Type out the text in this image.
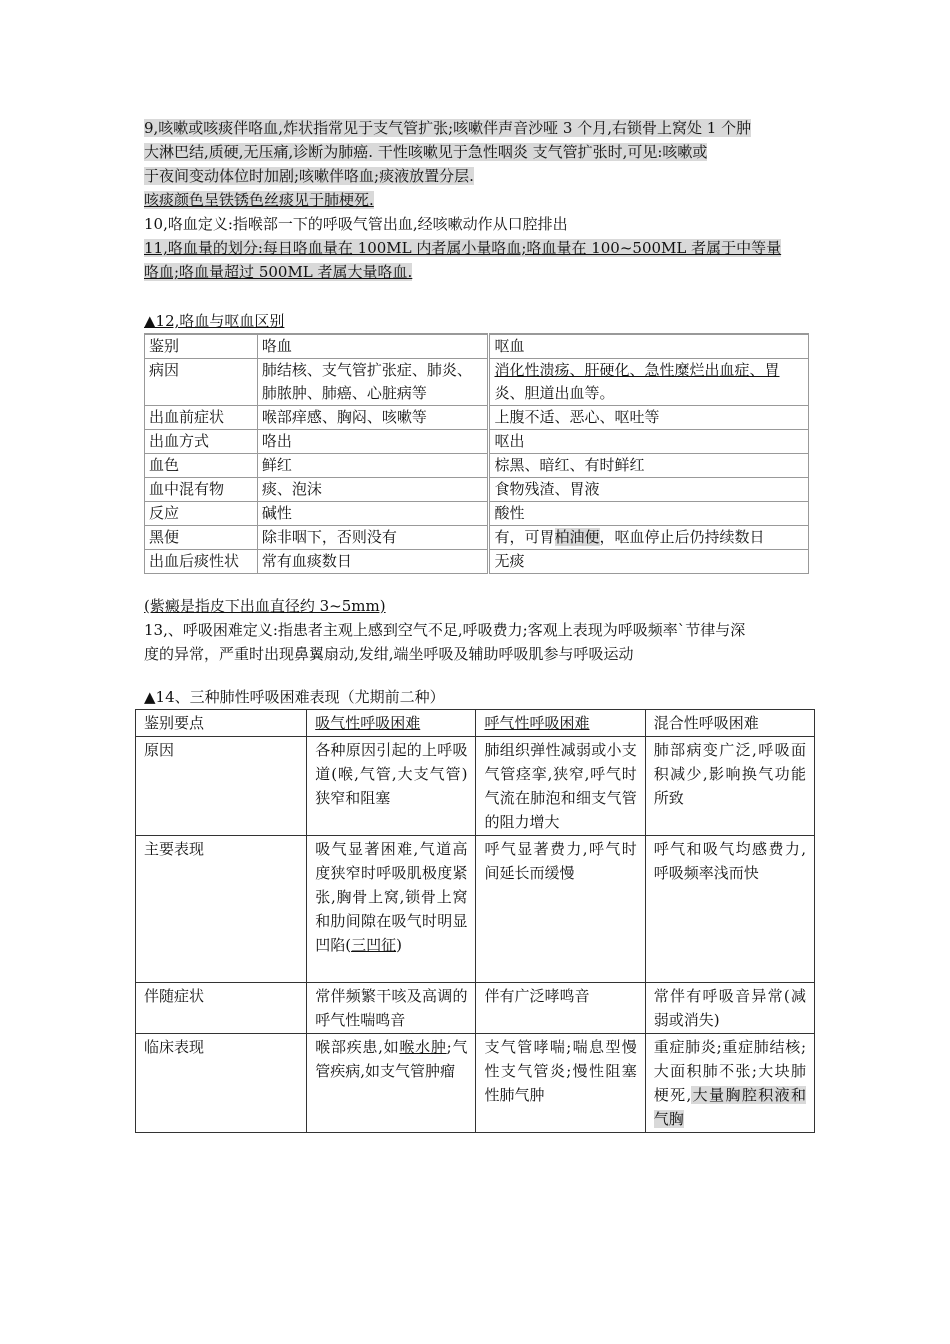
9,咳嗽或咳痰伴咯血,炸状指常见于支气管扩张;咳嗽伴声音沙哑 3 个月,右锁骨上窝处 1 个肿
大淋巴结,质硬,无压痛,诊断为肺癌. 干性咳嗽见于急性咽炎 支气管扩张时,可见:咳嗽或
于夜间变动体位时加剧;咳嗽伴咯血;痰液放置分层.
咳痰颜色呈铁锈色丝痰见于肺梗死.
10,咯血定义:指喉部一下的呼吸气管出血,经咳嗽动作从口腔排出
11,咯血量的划分:每日咯血量在 100ML 内者属小量咯血;咯血量在 100~500ML 者属于中等量
咯血;咯血量超过 500ML 者属大量咯血.
▲12,咯血与呕血区别
鉴别	咯血	呕血
病因	肺结核、支气管扩张症、肺炎、肺脓肿、肺癌、心脏病等	消化性溃疡、肝硬化、急性糜烂出血症、胃
炎、胆道出血等。

出血前症状	喉部痒感、胸闷、咳嗽等	上腹不适、恶心、呕吐等
出血方式	咯出	呕出
血色	鲜红	棕黑、暗红、有时鲜红
血中混有物	痰、泡沫	食物残渣、胃液
反应	碱性	酸性
黑便	除非咽下，否则没有	有，可胃柏油便，呕血停止后仍持续数日
出血后痰性状	常有血痰数日	无痰
(紫癜是指皮下出血直径约 3~5mm)
13,、呼吸困难定义:指患者主观上感到空气不足,呼吸费力;客观上表现为呼吸频率`节律与深
度的异常，严重时出现鼻翼扇动,发绀,端坐呼吸及辅助呼吸肌参与呼吸运动
▲14、三种肺性呼吸困难表现（尤期前二种）
鉴别要点	吸气性呼吸困难	呼气性呼吸困难	混合性呼吸困难
原因	各种原因引起的上呼吸道(喉,气管,大支气管)狭窄和阻塞	肺组织弹性减弱或小支气管痉挛,狭窄,呼气时气流在肺泡和细支气管的阻力增大	肺部病变广泛,呼吸面积减少,影响换气功能所致
主要表现	吸气显著困难,气道高度狭窄时呼吸肌极度紧张,胸骨上窝,锁骨上窝和肋间隙在吸气时明显凹陷(三凹征)	呼气显著费力,呼气时间延长而缓慢	呼气和吸气均感费力,呼吸频率浅而快
伴随症状	常伴频繁干咳及高调的呼气性喘鸣音	伴有广泛哮鸣音	常伴有呼吸音异常(减弱或消失)
临床表现	喉部疾患,如喉水肿;气管疾病,如支气管肿瘤	支气管哮喘;喘息型慢性支气管炎;慢性阻塞性肺气肿	重症肺炎;重症肺结核;大面积肺不张;大块肺梗死,大量胸腔积液和气胸
